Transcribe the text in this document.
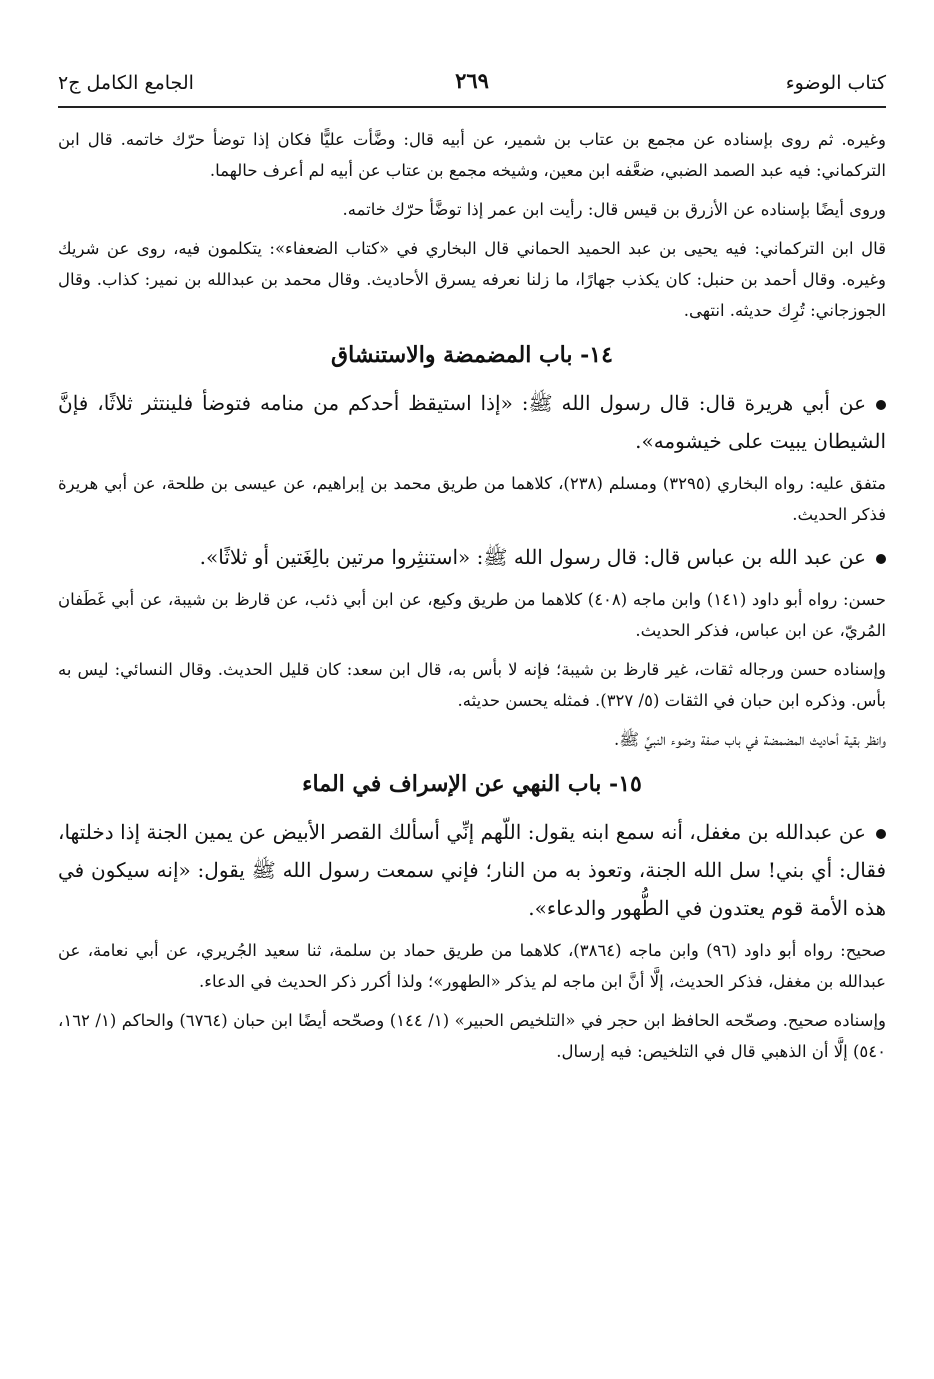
كتاب الوضوء
٢٦٩
الجامع الكامل ج٢

وغيره. ثم روى بإسناده عن مجمع بن عتاب بن شمير، عن أبيه قال: وضَّأت عليًّا فكان إذا توضأ حرّك خاتمه. قال ابن التركماني: فيه عبد الصمد الضبي، ضعَّفه ابن معين، وشيخه مجمع بن عتاب عن أبيه لم أعرف حالهما.

وروى أيضًا بإسناده عن الأزرق بن قيس قال: رأيت ابن عمر إذا توضَّأ حرّك خاتمه.

قال ابن التركماني: فيه يحيى بن عبد الحميد الحماني قال البخاري في «كتاب الضعفاء»: يتكلمون فيه، روى عن شريك وغيره. وقال أحمد بن حنبل: كان يكذب جهارًا، ما زلنا نعرفه يسرق الأحاديث. وقال محمد بن عبدالله بن نمير: كذاب. وقال الجوزجاني: تُرِك حديثه. انتهى.

١٤- باب المضمضة والاستنشاق

عن أبي هريرة قال: قال رسول الله ﷺ: «إذا استيقظ أحدكم من منامه فتوضأ فلينتثر ثلاثًا، فإنَّ الشيطان يبيت على خيشومه».

متفق عليه: رواه البخاري (٣٢٩٥) ومسلم (٢٣٨)، كلاهما من طريق محمد بن إبراهيم، عن عيسى بن طلحة، عن أبي هريرة فذكر الحديث.

عن عبد الله بن عباس قال: قال رسول الله ﷺ: «استنثِروا مرتين بالِغَتين أو ثلاثًا».

حسن: رواه أبو داود (١٤١) وابن ماجه (٤٠٨) كلاهما من طريق وكيع، عن ابن أبي ذئب، عن قارظ بن شيبة، عن أبي غَطَفان المُريّ، عن ابن عباس، فذكر الحديث.

وإسناده حسن ورجاله ثقات، غير قارظ بن شيبة؛ فإنه لا بأس به، قال ابن سعد: كان قليل الحديث. وقال النسائي: ليس به بأس. وذكره ابن حبان في الثقات (٥/ ٣٢٧). فمثله يحسن حديثه.

وانظر بقية أحاديث المضمضة في باب صفة وضوء النبيِّ ﷺ.

١٥- باب النهي عن الإسراف في الماء

عن عبدالله بن مغفل، أنه سمع ابنه يقول: اللّهم إنِّي أسألك القصر الأبيض عن يمين الجنة إذا دخلتها، فقال: أي بني! سل الله الجنة، وتعوذ به من النار؛ فإني سمعت رسول الله ﷺ يقول: «إنه سيكون في هذه الأمة قوم يعتدون في الطُّهور والدعاء».

صحيح: رواه أبو داود (٩٦) وابن ماجه (٣٨٦٤)، كلاهما من طريق حماد بن سلمة، ثنا سعيد الجُريري، عن أبي نعامة، عن عبدالله بن مغفل، فذكر الحديث، إلَّا أنَّ ابن ماجه لم يذكر «الطهور»؛ ولذا أكرر ذكر الحديث في الدعاء.

وإسناده صحيح. وصحّحه الحافظ ابن حجر في «التلخيص الحبير» (١/ ١٤٤) وصحّحه أيضًا ابن حبان (٦٧٦٤) والحاكم (١/ ١٦٢، ٥٤٠) إلَّا أن الذهبي قال في التلخيص: فيه إرسال.
